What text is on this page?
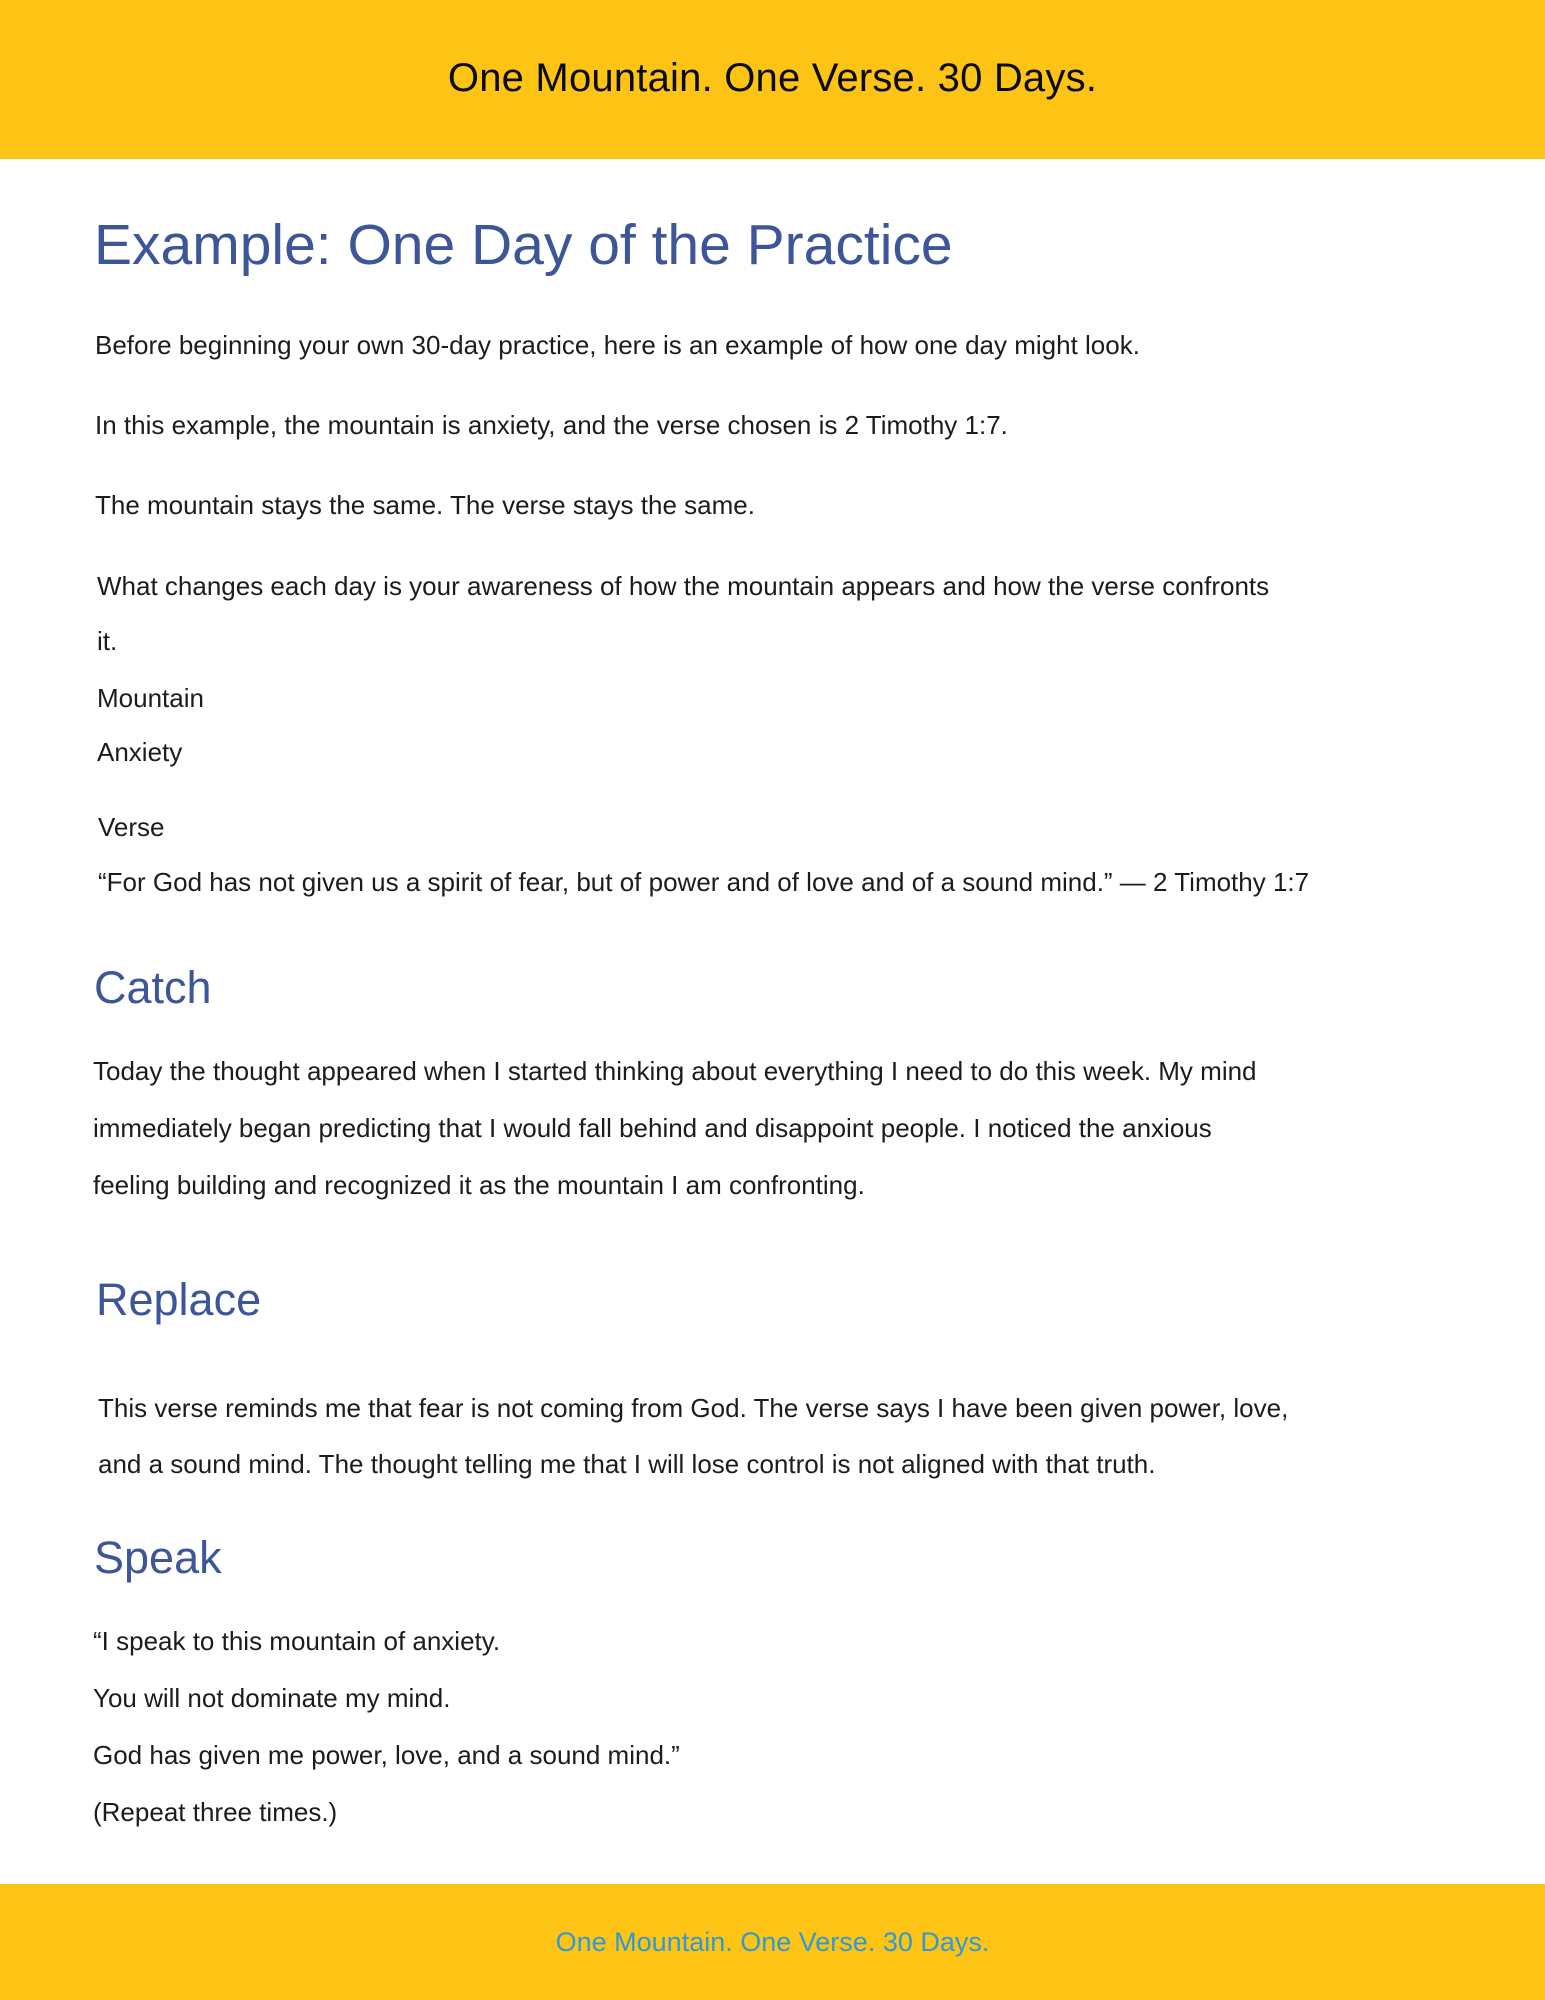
One Mountain. One Verse. 30 Days.
Example: One Day of the Practice
Before beginning your own 30-day practice, here is an example of how one day might look.
In this example, the mountain is anxiety, and the verse chosen is 2 Timothy 1:7.
The mountain stays the same. The verse stays the same.
What changes each day is your awareness of how the mountain appears and how the verse confronts
it.
Mountain
Anxiety
Verse
“For God has not given us a spirit of fear, but of power and of love and of a sound mind.” — 2 Timothy 1:7
Catch
Today the thought appeared when I started thinking about everything I need to do this week. My mind
immediately began predicting that I would fall behind and disappoint people. I noticed the anxious
feeling building and recognized it as the mountain I am confronting.
Replace
This verse reminds me that fear is not coming from God. The verse says I have been given power, love,
and a sound mind. The thought telling me that I will lose control is not aligned with that truth.
Speak
“I speak to this mountain of anxiety.
You will not dominate my mind.
God has given me power, love, and a sound mind.”
(Repeat three times.)
One Mountain. One Verse. 30 Days.
